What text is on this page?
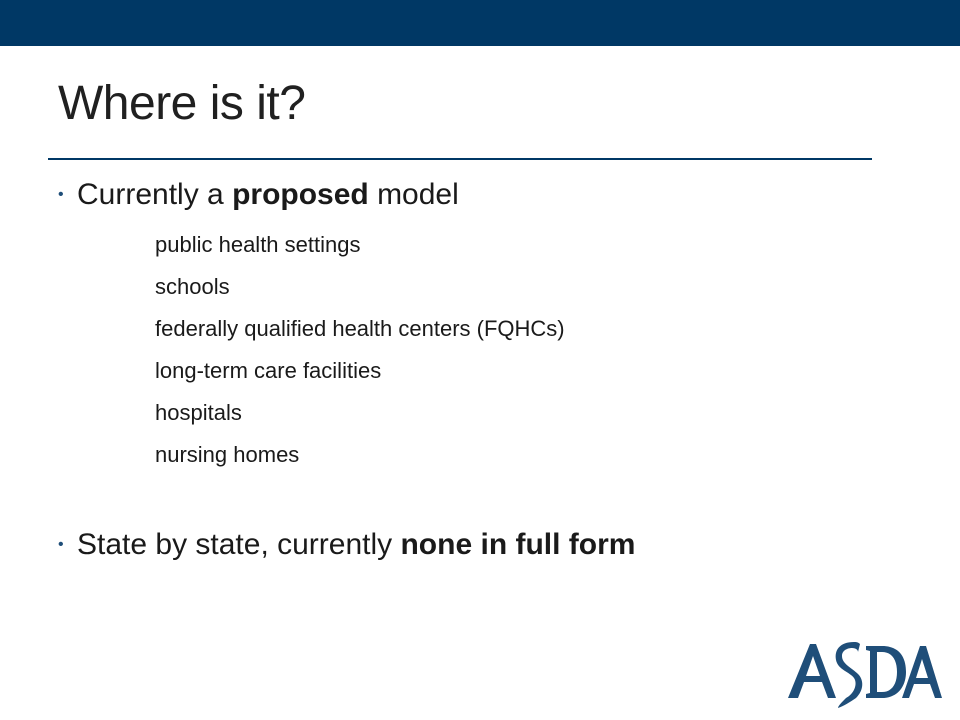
Where is it?
• Currently a proposed model
public health settings
schools
federally qualified health centers (FQHCs)
long-term care facilities
hospitals
nursing homes
• State by state, currently none in full form
